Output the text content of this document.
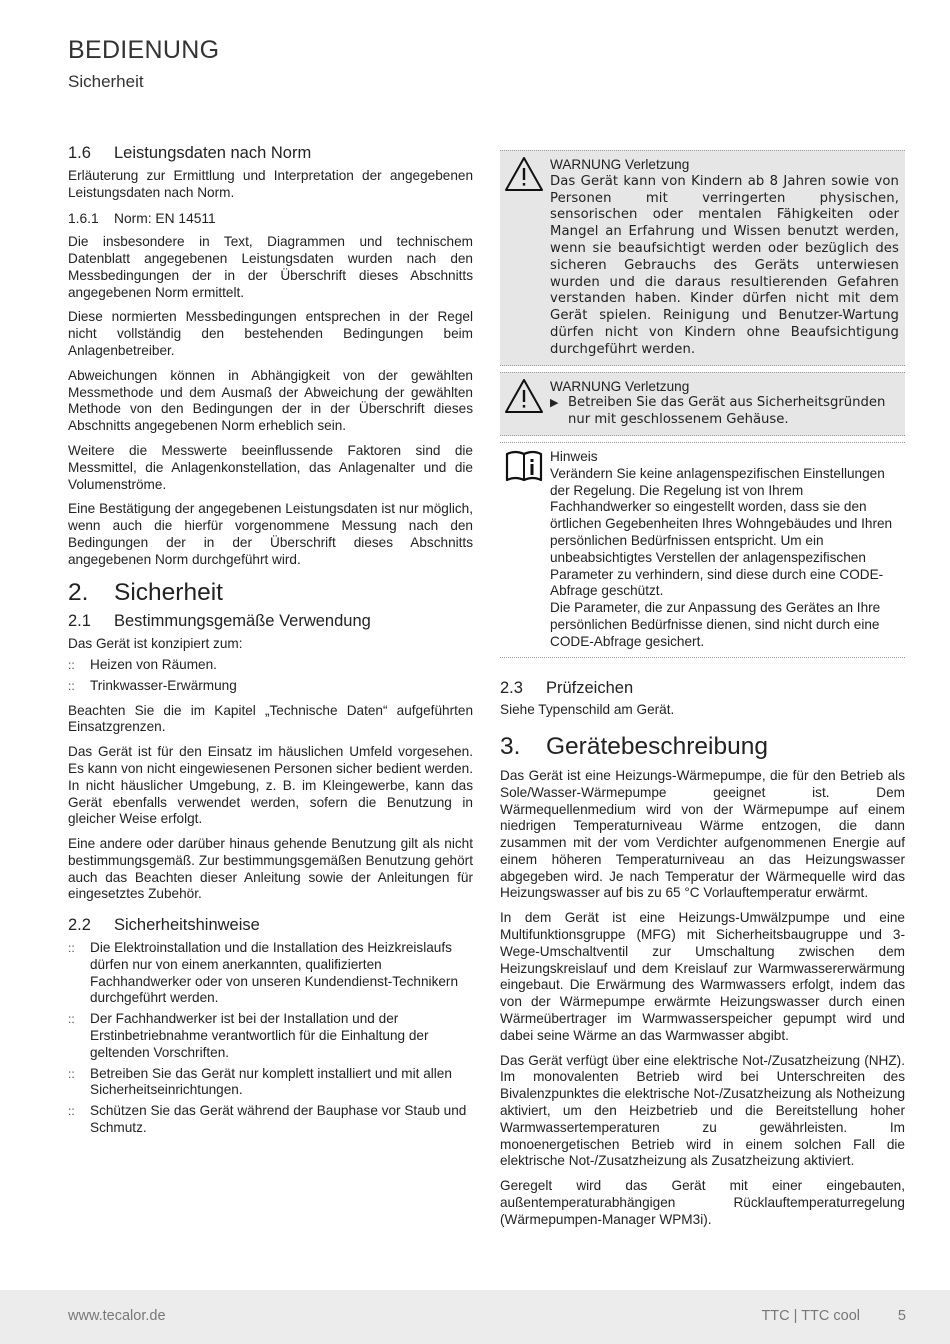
BEDIENUNG
Sicherheit
1.6 Leistungsdaten nach Norm

Erläuterung zur Ermittlung und Interpretation der angegebenen Leistungsdaten nach Norm.

1.6.1 Norm: EN 14511

Die insbesondere in Text, Diagrammen und technischem Datenblatt angegebenen Leistungsdaten wurden nach den Messbedingungen der in der Überschrift dieses Abschnitts angegebenen Norm ermittelt.

Diese normierten Messbedingungen entsprechen in der Regel nicht vollständig den bestehenden Bedingungen beim Anlagenbetreiber.

Abweichungen können in Abhängigkeit von der gewählten Messmethode und dem Ausmaß der Abweichung der gewählten Methode von den Bedingungen der in der Überschrift dieses Abschnitts angegebenen Norm erheblich sein.

Weitere die Messwerte beeinflussende Faktoren sind die Messmittel, die Anlagenkonstellation, das Anlagenalter und die Volumenströme.

Eine Bestätigung der angegebenen Leistungsdaten ist nur möglich, wenn auch die hierfür vorgenommene Messung nach den Bedingungen der in der Überschrift dieses Abschnitts angegebenen Norm durchgeführt wird.

2. Sicherheit
2.1 Bestimmungsgemäße Verwendung

Das Gerät ist konzipiert zum:

:: Heizen von Räumen.
:: Trinkwasser-Erwärmung

Beachten Sie die im Kapitel „Technische Daten“ aufgeführten Einsatzgrenzen.

Das Gerät ist für den Einsatz im häuslichen Umfeld vorgesehen. Es kann von nicht eingewiesenen Personen sicher bedient werden. In nicht häuslicher Umgebung, z. B. im Kleingewerbe, kann das Gerät ebenfalls verwendet werden, sofern die Benutzung in gleicher Weise erfolgt.

Eine andere oder darüber hinaus gehende Benutzung gilt als nicht bestimmungsgemäß. Zur bestimmungsgemäßen Benutzung gehört auch das Beachten dieser Anleitung sowie der Anleitungen für eingesetztes Zubehör.

2.2 Sicherheitshinweise
:: Die Elektroinstallation und die Installation des Heizkreislaufs dürfen nur von einem anerkannten, qualifizierten Fachhandwerker oder von unseren Kundendienst-Technikern durchgeführt werden.
:: Der Fachhandwerker ist bei der Installation und der Erstinbetriebnahme verantwortlich für die Einhaltung der geltenden Vorschriften.
:: Betreiben Sie das Gerät nur komplett installiert und mit allen Sicherheitseinrichtungen.
:: Schützen Sie das Gerät während der Bauphase vor Staub und Schmutz.

WARNUNG Verletzung

Das Gerät kann von Kindern ab 8 Jahren sowie von Personen mit verringerten physischen, sensorischen oder mentalen Fähigkeiten oder Mangel an Erfahrung und Wissen benutzt werden, wenn sie beaufsichtigt werden oder bezüglich des sicheren Gebrauchs des Geräts unterwiesen wurden und die daraus resultierenden Gefahren verstanden haben. Kinder dürfen nicht mit dem Gerät spielen. Reinigung und Benutzer-Wartung dürfen nicht von Kindern ohne Beaufsichtigung durchgeführt werden.

WARNUNG Verletzung

▶ Betreiben Sie das Gerät aus Sicherheitsgründen nur mit geschlossenem Gehäuse.

Hinweis

Verändern Sie keine anlagenspezifischen Einstellungen der Regelung. Die Regelung ist von Ihrem Fachhandwerker so eingestellt worden, dass sie den örtlichen Gegebenheiten Ihres Wohngebäudes und Ihren persönlichen Bedürfnissen entspricht. Um ein unbeabsichtigtes Verstellen der anlagenspezifischen Parameter zu verhindern, sind diese durch eine CODE-Abfrage geschützt.

Die Parameter, die zur Anpassung des Gerätes an Ihre persönlichen Bedürfnisse dienen, sind nicht durch eine CODE-Abfrage gesichert.

2.3 Prüfzeichen

Siehe Typenschild am Gerät.

3. Gerätebeschreibung

Das Gerät ist eine Heizungs-Wärmepumpe, die für den Betrieb als Sole/Wasser-Wärmepumpe geeignet ist. Dem Wärmequellenmedium wird von der Wärmepumpe auf einem niedrigen Temperaturniveau Wärme entzogen, die dann zusammen mit der vom Verdichter aufgenommenen Energie auf einem höheren Temperaturniveau an das Heizungswasser abgegeben wird. Je nach Temperatur der Wärmequelle wird das Heizungswasser auf bis zu 65 °C Vorlauftemperatur erwärmt.

In dem Gerät ist eine Heizungs-Umwälzpumpe und eine Multifunktionsgruppe (MFG) mit Sicherheitsbaugruppe und 3-Wege-Umschaltventil zur Umschaltung zwischen dem Heizungskreislauf und dem Kreislauf zur Warmwassererwärmung eingebaut. Die Erwärmung des Warmwassers erfolgt, indem das von der Wärmepumpe erwärmte Heizungswasser durch einen Wärmeübertrager im Warmwasserspeicher gepumpt wird und dabei seine Wärme an das Warmwasser abgibt.

Das Gerät verfügt über eine elektrische Not-/Zusatzheizung (NHZ). Im monovalenten Betrieb wird bei Unterschreiten des Bivalenzpunktes die elektrische Not-/Zusatzheizung als Notheizung aktiviert, um den Heizbetrieb und die Bereitstellung hoher Warmwassertemperaturen zu gewährleisten. Im monoenergetischen Betrieb wird in einem solchen Fall die elektrische Not-/Zusatzheizung als Zusatzheizung aktiviert.

Geregelt wird das Gerät mit einer eingebauten, außentemperaturabhängigen Rücklauftemperaturregelung (Wärmepumpen-Manager WPM3i).

www.tecalor.de	TTC | TTC cool	5
